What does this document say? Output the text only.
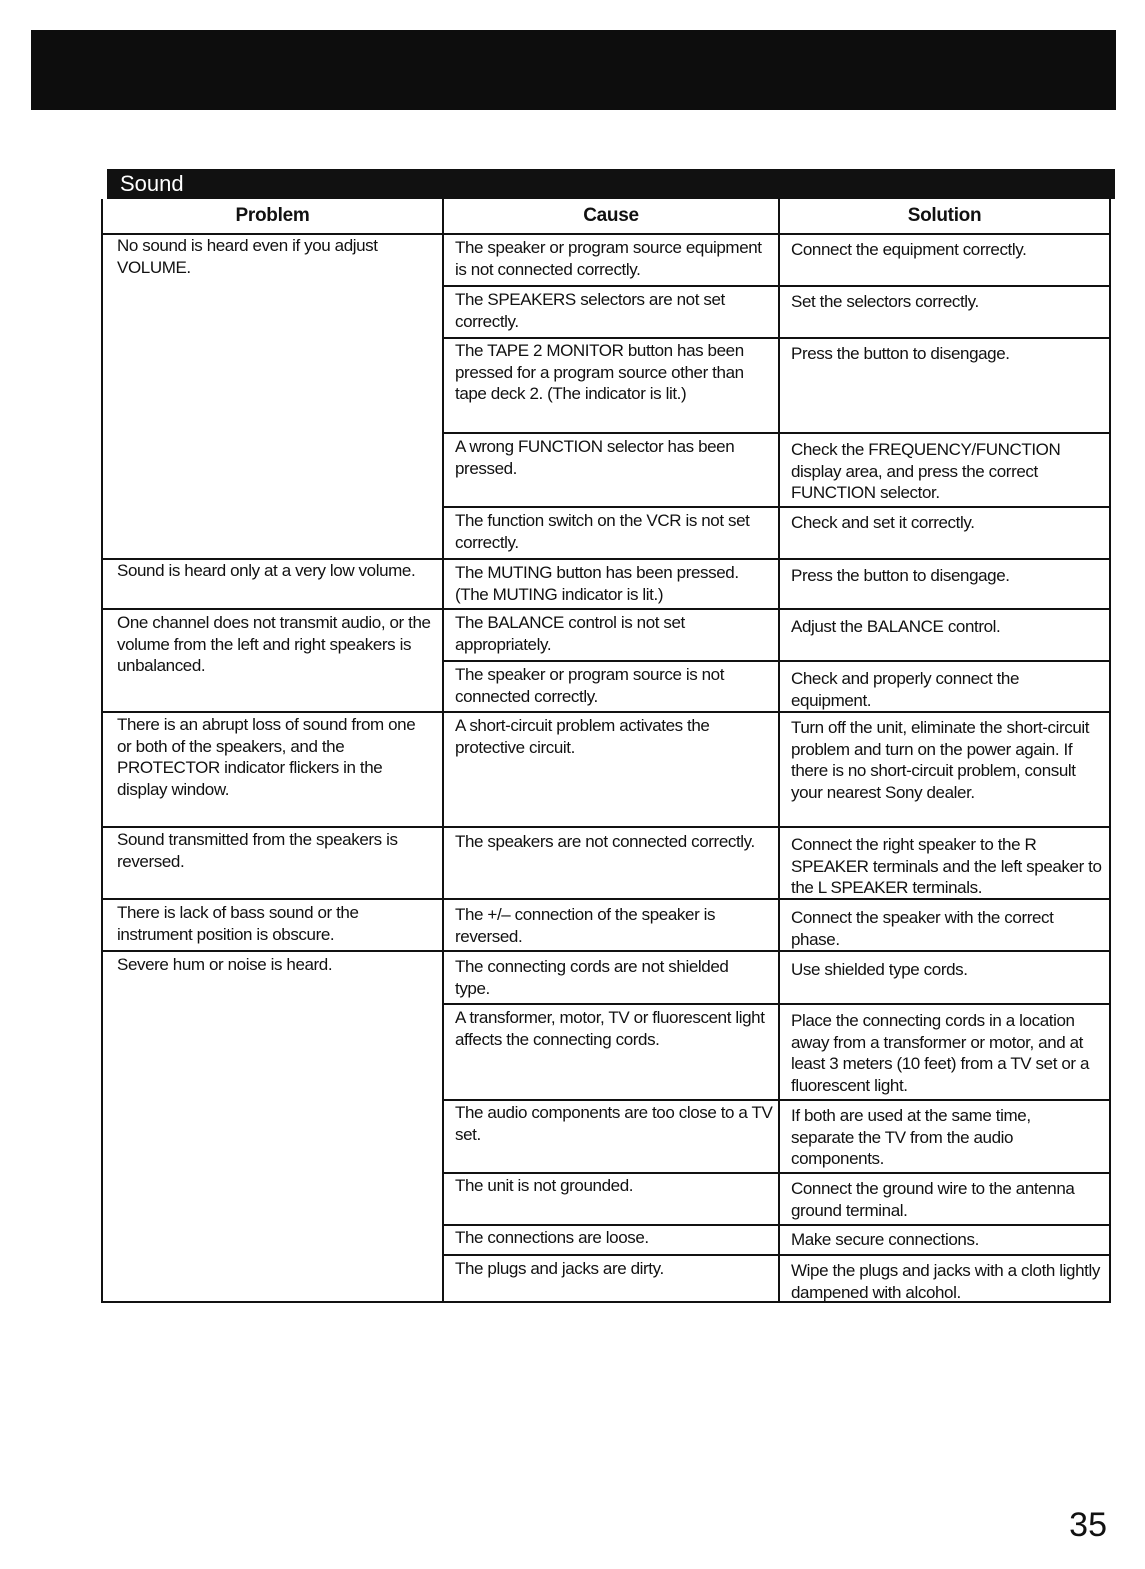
Sound
Problem	Cause	Solution
No sound is heard even if you adjust VOLUME.
Sound is heard only at a very low volume.
One channel does not transmit audio, or the volume from the left and right speakers is unbalanced.
There is an abrupt loss of sound from one or both of the speakers, and the PROTECTOR indicator flickers in the display window.
Sound transmitted from the speakers is reversed.
There is lack of bass sound or the instrument position is obscure.
Severe hum or noise is heard.
The speaker or program source equipment is not connected correctly.
The SPEAKERS selectors are not set correctly.
The TAPE 2 MONITOR button has been pressed for a program source other than tape deck 2. (The indicator is lit.)
A wrong FUNCTION selector has been pressed.
The function switch on the VCR is not set correctly.
The MUTING button has been pressed. (The MUTING indicator is lit.)
The BALANCE control is not set appropriately.
The speaker or program source is not connected correctly.
A short-circuit problem activates the protective circuit.
The speakers are not connected correctly.
The +/– connection of the speaker is reversed.
The connecting cords are not shielded type.
A transformer, motor, TV or fluorescent light affects the connecting cords.
The audio components are too close to a TV set.
The unit is not grounded.
The connections are loose.
The plugs and jacks are dirty.
Connect the equipment correctly.
Set the selectors correctly.
Press the button to disengage.
Check the FREQUENCY/FUNCTION display area, and press the correct FUNCTION selector.
Check and set it correctly.
Press the button to disengage.
Adjust the BALANCE control.
Check and properly connect the equipment.
Turn off the unit, eliminate the short-circuit problem and turn on the power again. If there is no short-circuit problem, consult your nearest Sony dealer.
Connect the right speaker to the R SPEAKER terminals and the left speaker to the L SPEAKER terminals.
Connect the speaker with the correct phase.
Use shielded type cords.
Place the connecting cords in a location away from a transformer or motor, and at least 3 meters (10 feet) from a TV set or a fluorescent light.
If both are used at the same time, separate the TV from the audio components.
Connect the ground wire to the antenna ground terminal.
Make secure connections.
Wipe the plugs and jacks with a cloth lightly dampened with alcohol.
35
